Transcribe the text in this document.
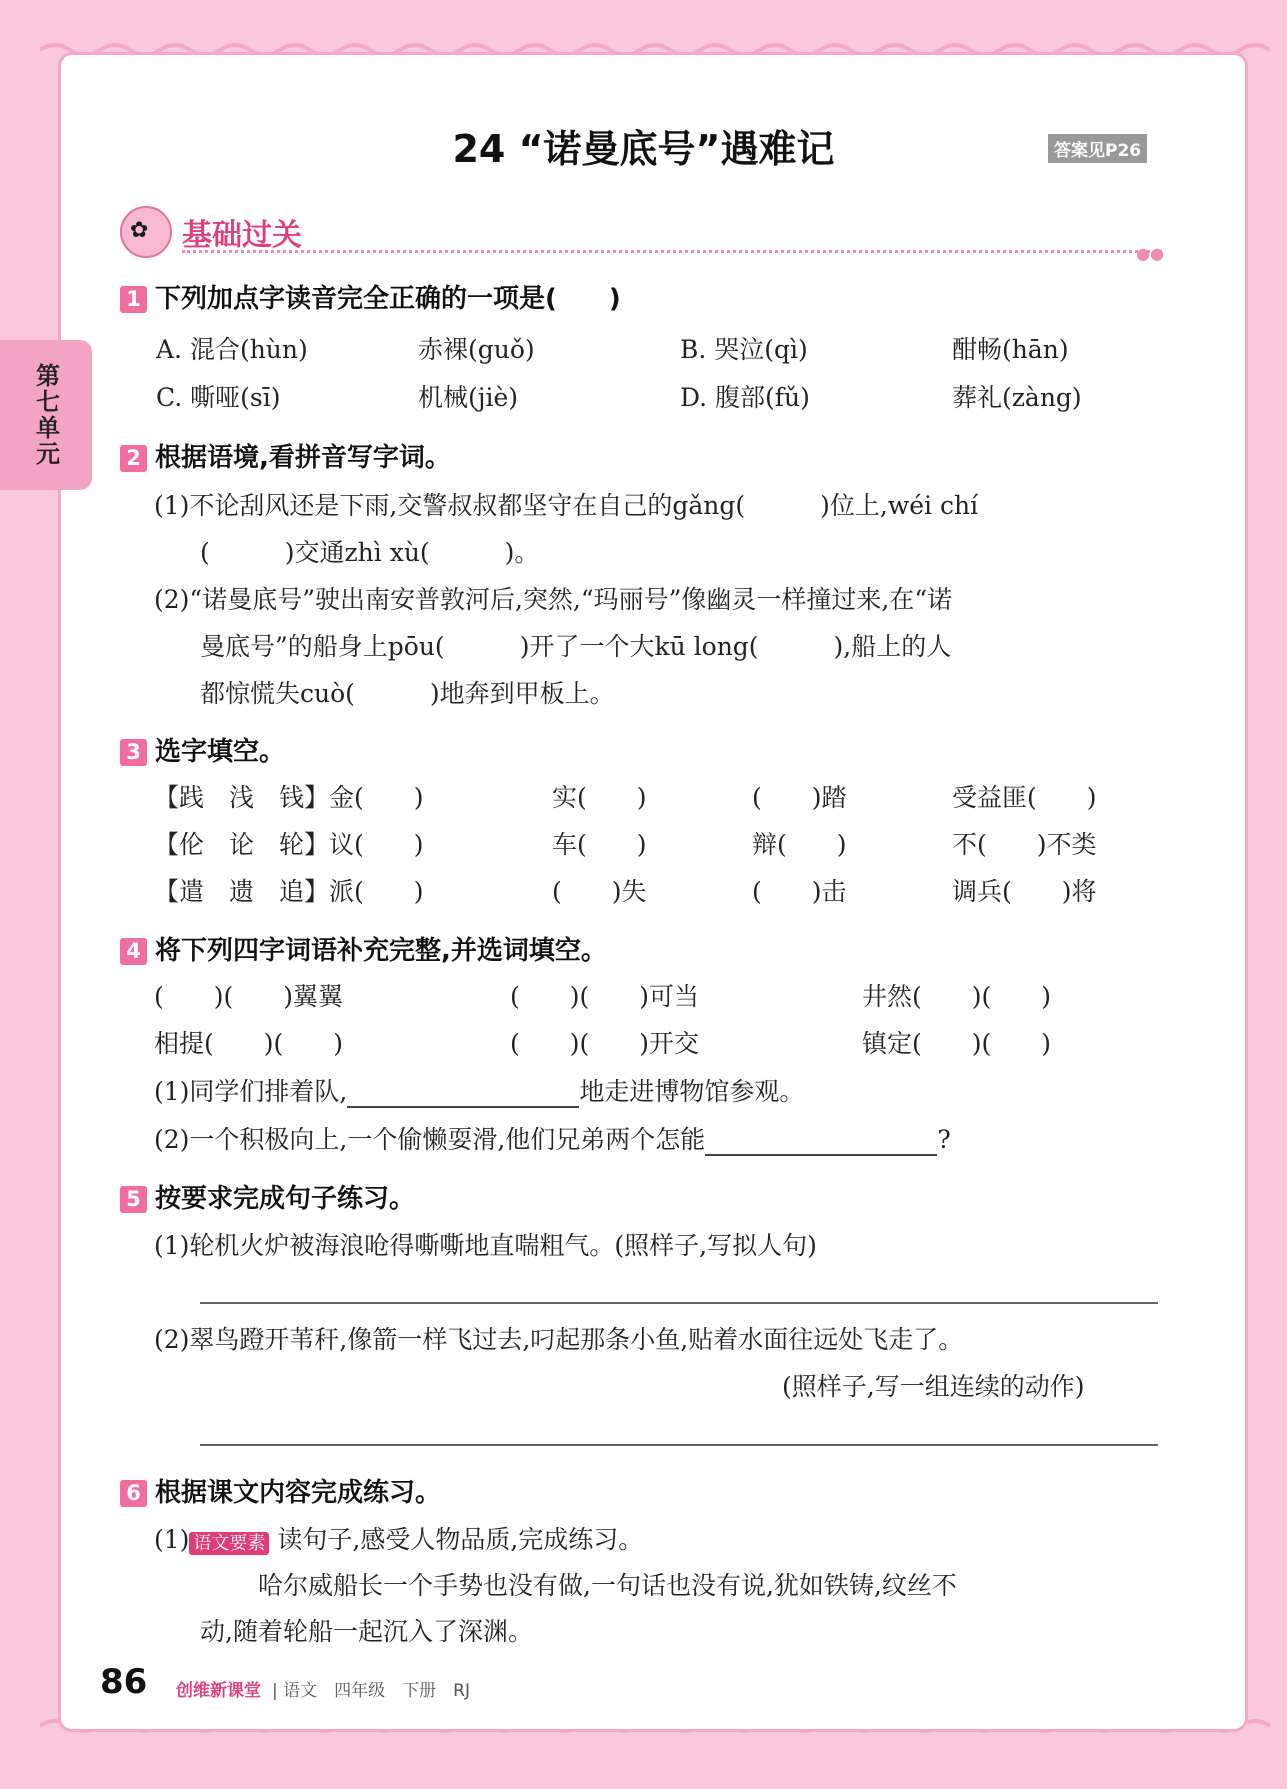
第七单元
24 “诺曼底号”遇难记	答案见P26
✿ 基础过关
●●
1 下列加点字读音完全正确的一项是(　　)
A. 混合(hùn)	赤裸(guǒ)	B. 哭泣(qì)	酣畅(hān)
C. 嘶哑(sī)	机械(jiè)	D. 腹部(fǔ)	葬礼(zàng)
2 根据语境,看拼音写字词。
(1)不论刮风还是下雨,交警叔叔都坚守在自己的gǎng(　　　)位上,wéi chí
(　　　)交通zhì xù(　　　)。
(2)“诺曼底号”驶出南安普敦河后,突然,“玛丽号”像幽灵一样撞过来,在“诺
曼底号”的船身上pōu(　　　)开了一个大kū long(　　　),船上的人
都惊慌失cuò(　　　)地奔到甲板上。
3 选字填空。
【践　浅　钱】金(　　)	实(　　)	(　　)踏	受益匪(　　)
【伦　论　轮】议(　　)	车(　　)	辩(　　)	不(　　)不类
【遣　遗　追】派(　　)	(　　)失	(　　)击	调兵(　　)将
4 将下列四字词语补充完整,并选词填空。
(　　)(　　)翼翼	(　　)(　　)可当	井然(　　)(　　)
相提(　　)(　　)	(　　)(　　)开交	镇定(　　)(　　)
(1)同学们排着队,	地走进博物馆参观。
(2)一个积极向上,一个偷懒耍滑,他们兄弟两个怎能	?
5 按要求完成句子练习。
(1)轮机火炉被海浪呛得嘶嘶地直喘粗气。(照样子,写拟人句)
(2)翠鸟蹬开苇秆,像箭一样飞过去,叼起那条小鱼,贴着水面往远处飞走了。
(照样子,写一组连续的动作)
6 根据课文内容完成练习。
(1) 语文要素 读句子,感受人物品质,完成练习。
哈尔威船长一个手势也没有做,一句话也没有说,犹如铁铸,纹丝不
动,随着轮船一起沉入了深渊。
86 创维新课堂 | 语文　四年级　下册　RJ
